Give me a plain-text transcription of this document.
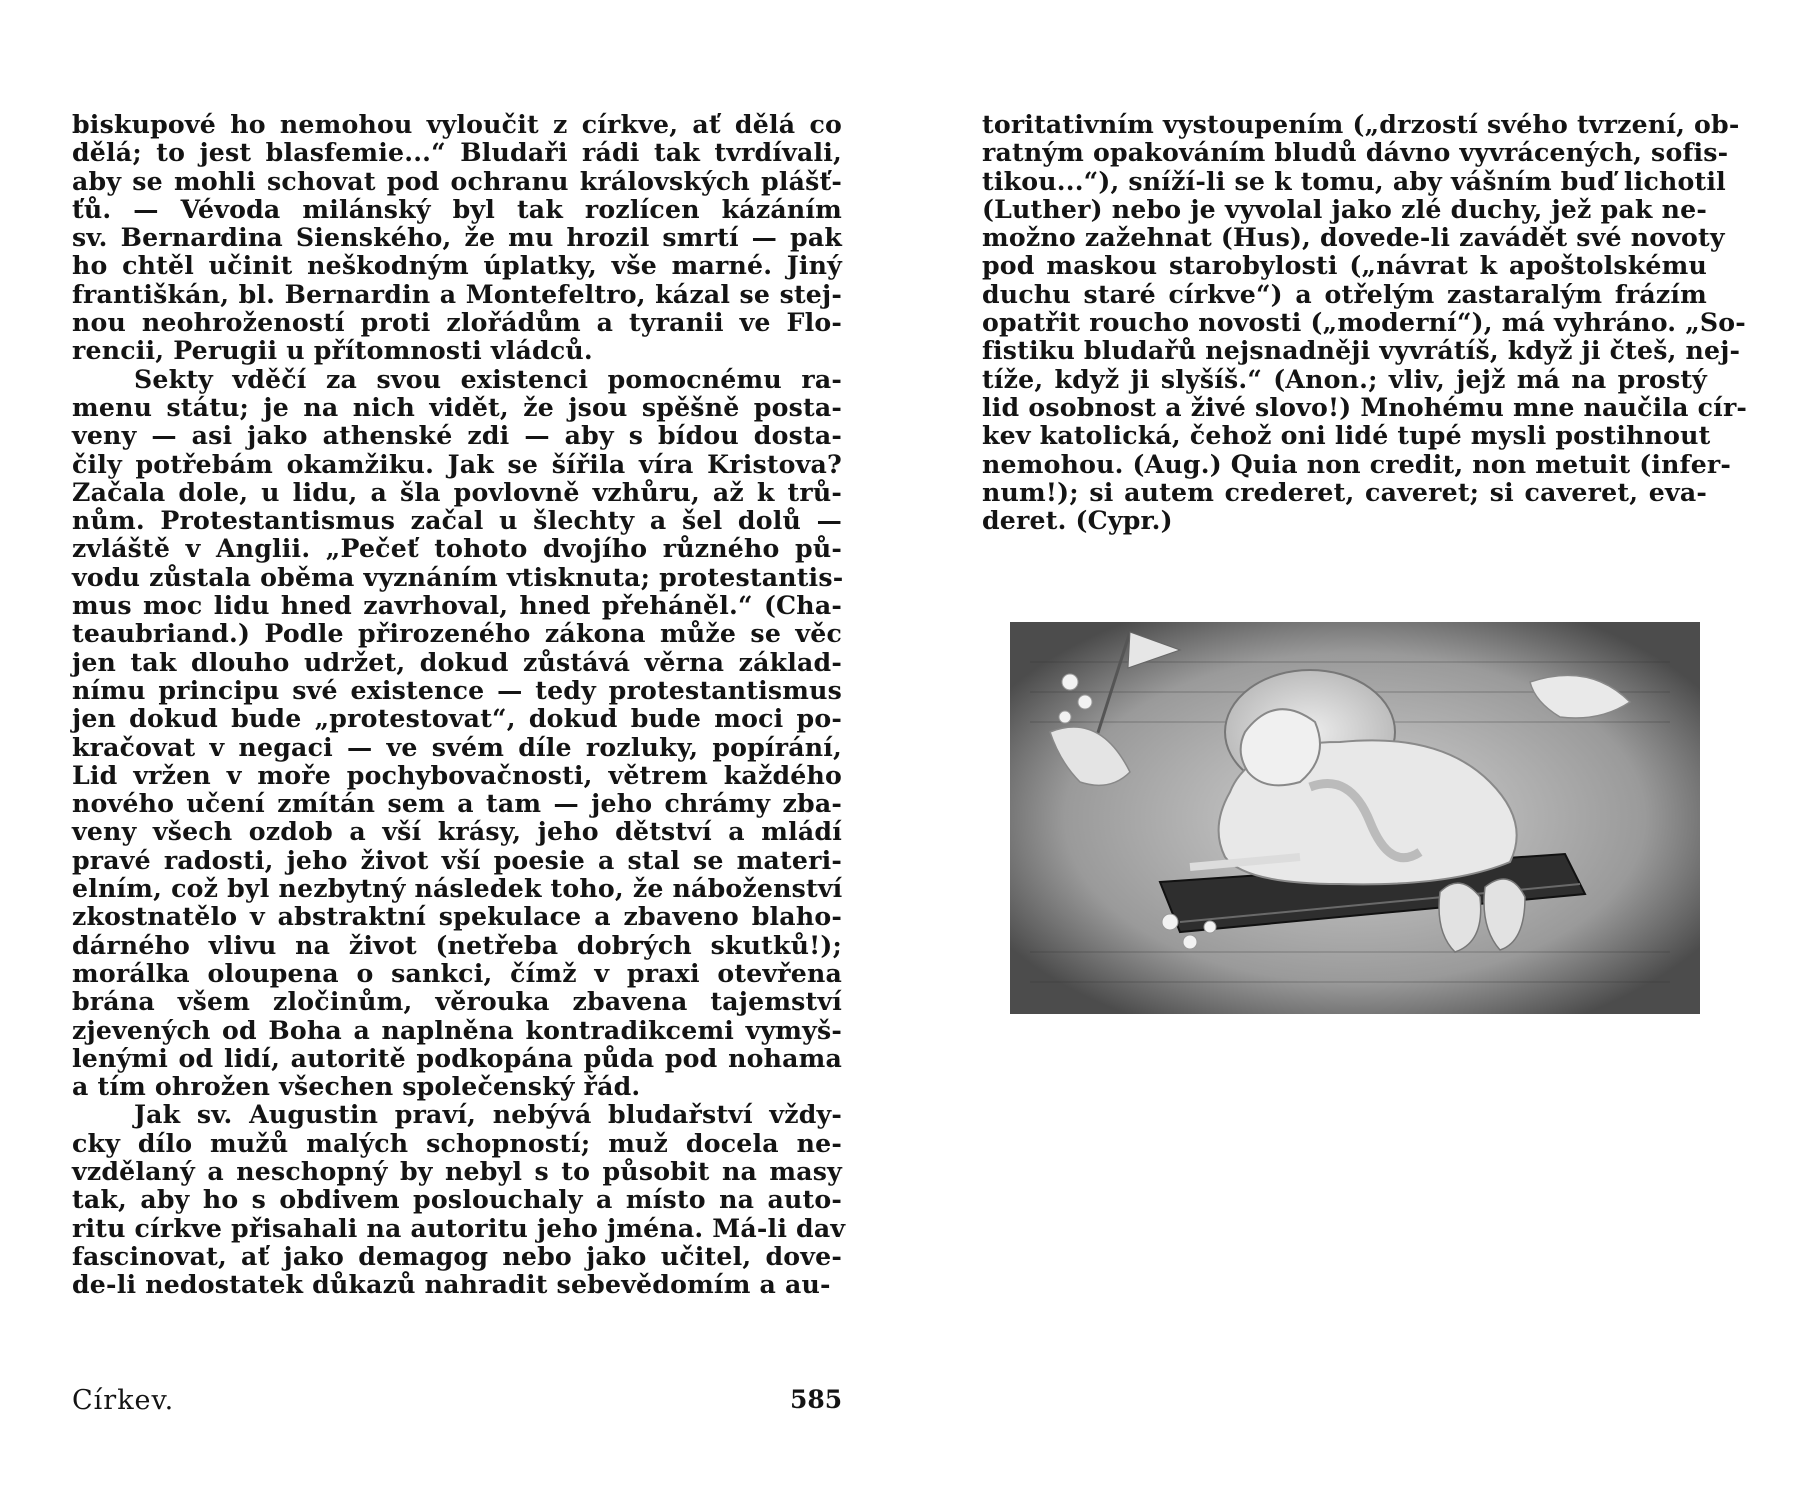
biskupové ho nemohou vyloučit z církve, ať dělá co
dělá; to jest blasfemie...“ Bludaři rádi tak tvrdívali,
aby se mohli schovat pod ochranu královských plášť-
ťů. — Vévoda milánský byl tak rozlícen kázáním
sv. Bernardina Sienského, že mu hrozil smrtí — pak
ho chtěl učinit neškodným úplatky, vše marné. Jiný
františkán, bl. Bernardin a Montefeltro, kázal se stej-
nou neohrožeností proti zlořádům a tyranii ve Flo-
rencii, Perugii u přítomnosti vládců.
Sekty vděčí za svou existenci pomocnému ra-
menu státu; je na nich vidět, že jsou spěšně posta-
veny — asi jako athenské zdi — aby s bídou dosta-
čily potřebám okamžiku. Jak se šířila víra Kristova?
Začala dole, u lidu, a šla povlovně vzhůru, až k trů-
nům. Protestantismus začal u šlechty a šel dolů —
zvláště v Anglii. „Pečeť tohoto dvojího různého pů-
vodu zůstala oběma vyznáním vtisknuta; protestantis-
mus moc lidu hned zavrhoval, hned přeháněl.“ (Cha-
teaubriand.) Podle přirozeného zákona může se věc
jen tak dlouho udržet, dokud zůstává věrna základ-
nímu principu své existence — tedy protestantismus
jen dokud bude „protestovat“, dokud bude moci po-
kračovat v negaci — ve svém díle rozluky, popírání,
Lid vržen v moře pochybovačnosti, větrem každého
nového učení zmítán sem a tam — jeho chrámy zba-
veny všech ozdob a vší krásy, jeho dětství a mládí
pravé radosti, jeho život vší poesie a stal se materi-
elním, což byl nezbytný následek toho, že náboženství
zkostnatělo v abstraktní spekulace a zbaveno blaho-
dárného vlivu na život (netřeba dobrých skutků!);
morálka oloupena o sankci, čímž v praxi otevřena
brána všem zločinům, věrouka zbavena tajemství
zjevených od Boha a naplněna kontradikcemi vymyš-
lenými od lidí, autoritě podkopána půda pod nohama
a tím ohrožen všechen společenský řád.
Jak sv. Augustin praví, nebývá bludařství vždy-
cky dílo mužů malých schopností; muž docela ne-
vzdělaný a neschopný by nebyl s to působit na masy
tak, aby ho s obdivem poslouchaly a místo na auto-
ritu církve přisahali na autoritu jeho jména. Má-li dav
fascinovat, ať jako demagog nebo jako učitel, dove-
de-li nedostatek důkazů nahradit sebevědomím a au-
toritativním vystoupením („drzostí svého tvrzení, ob-
ratným opakováním bludů dávno vyvrácených, sofis-
tikou...“), sníží-li se k tomu, aby vášním buď lichotil
(Luther) nebo je vyvolal jako zlé duchy, jež pak ne-
možno zažehnat (Hus), dovede-li zavádět své novoty
pod maskou starobylosti („návrat k apoštolskému
duchu staré církve“) a otřelým zastaralým frázím
opatřit roucho novosti („moderní“), má vyhráno. „So-
fistiku bludařů nejsnadněji vyvrátíš, když ji čteš, nej-
tíže, když ji slyšíš.“ (Anon.; vliv, jejž má na prostý
lid osobnost a živé slovo!) Mnohému mne naučila cír-
kev katolická, čehož oni lidé tupé mysli postihnout
nemohou. (Aug.) Quia non credit, non metuit (infer-
num!); si autem crederet, caveret; si caveret, eva-
deret. (Cypr.)
Církev.	585
